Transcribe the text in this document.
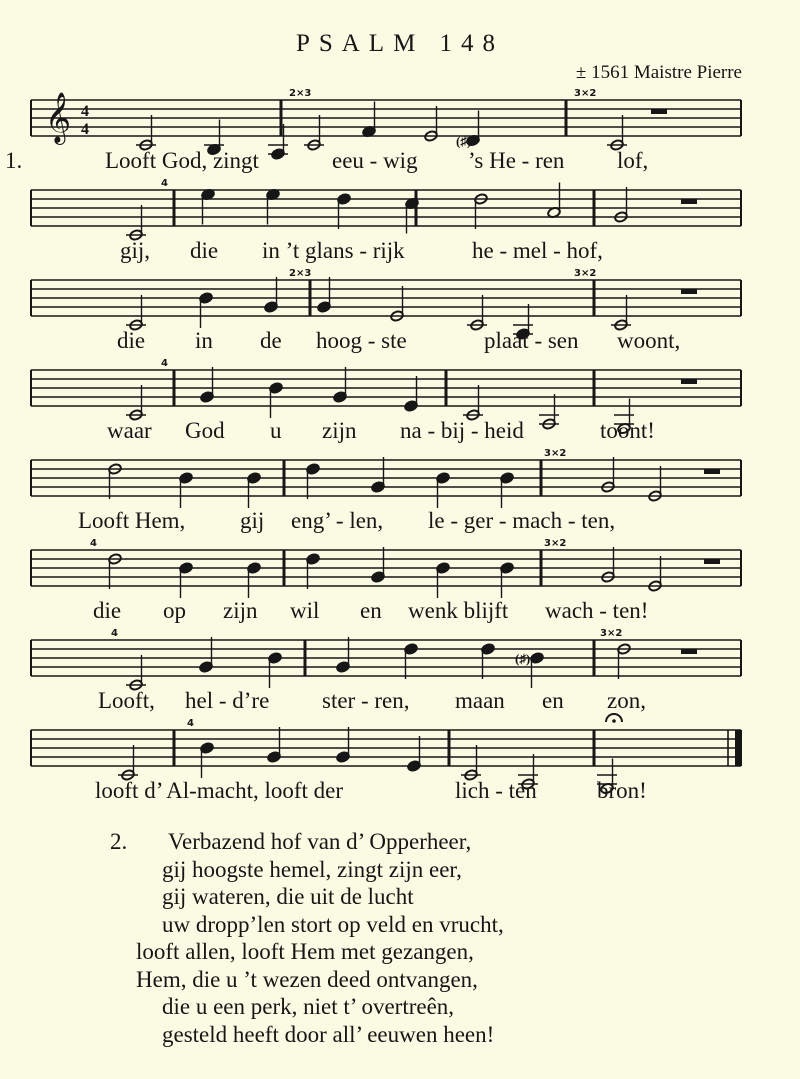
PSALM 148
± 1561 Maistre Pierre
𝄞 4
4
(♯)
2×3	3×2
1.	Looft God, zingt	eeu - wig ’s He - ren lof,
4
gij, die in ’t glans - rijk	he - mel - hof,
2×3	3×2
die in de hoog - ste	plaat - sen woont,
4
waar God u zijn na - bij - heid	toont!
3×2
Looft Hem, gij eng’ - len, le - ger - mach - ten,
4	3×2
die op zijn wil en wenk blijft wach - ten!
(♯)
4	3×2
Looft, hel - d’re ster - ren, maan en zon,
4
looft d’ Al-macht, looft der	lich - ten	bron!
2. Verbazend hof van d’ Opperheer,
gij hoogste hemel, zingt zijn eer,
gij wateren, die uit de lucht
uw dropp’len stort op veld en vrucht,
looft allen, looft Hem met gezangen,
Hem, die u ’t wezen deed ontvangen,
die u een perk, niet t’ overtreên,
gesteld heeft door all’ eeuwen heen!
